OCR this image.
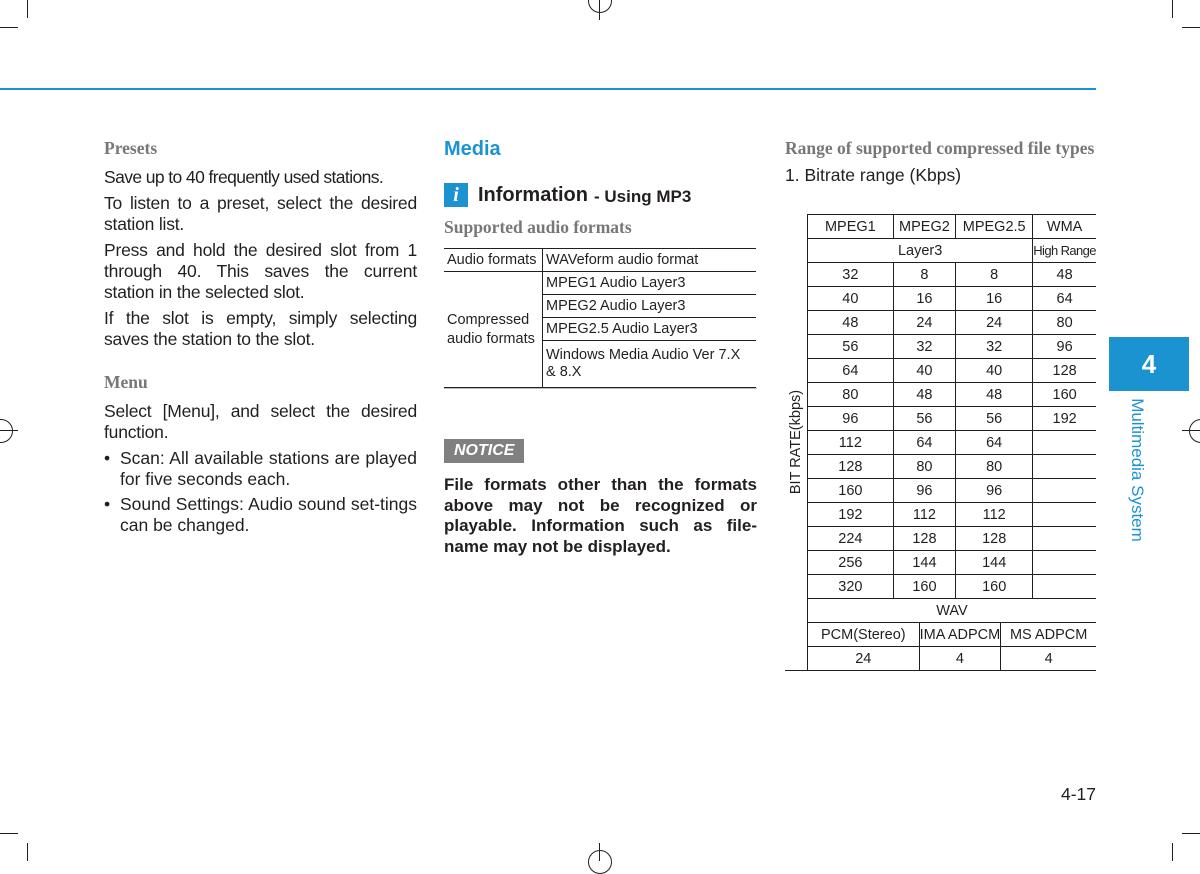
Presets

Save up to 40 frequently used stations.

To listen to a preset, select the desired station list.

Press and hold the desired slot from 1 through 40. This saves the current station in the selected slot.

If the slot is empty, simply selecting saves the station to the slot.

Menu

Select [Menu], and select the desired function.

• Scan: All available stations are played for five seconds each.

• Sound Settings: Audio sound set-tings can be changed.

Media
i Information - Using MP3
Supported audio formats
Audio formats	WAVeform audio format
Compressed audio formats	MPEG1 Audio Layer3
	MPEG2 Audio Layer3
	MPEG2.5 Audio Layer3
	Windows Media Audio Ver 7.X & 8.X
NOTICE
File formats other than the formats above may not be recognized or playable. Information such as file-name may not be displayed.
Range of supported compressed file types
1. Bitrate range (Kbps)
BIT RATE(kbps)	MPEG1	MPEG2		MPEG2.5		WMA
	Layer3					High Range
	32	8		8		48
	40	16		16		64
	48	24		24		80
	56	32		32		96
	64	40		40		128
	80	48		48		160
	96	56		56		192
	112	64		64		
	128	80		80		
	160	96		96		
	192	112		112		
	224	128		128		
	256	144		144		
	320	160		160		
	WAV					
	PCM(Stereo)		IMA ADPCM		MS ADPCM	
	24		4		4	
4
Multimedia System
4-17
